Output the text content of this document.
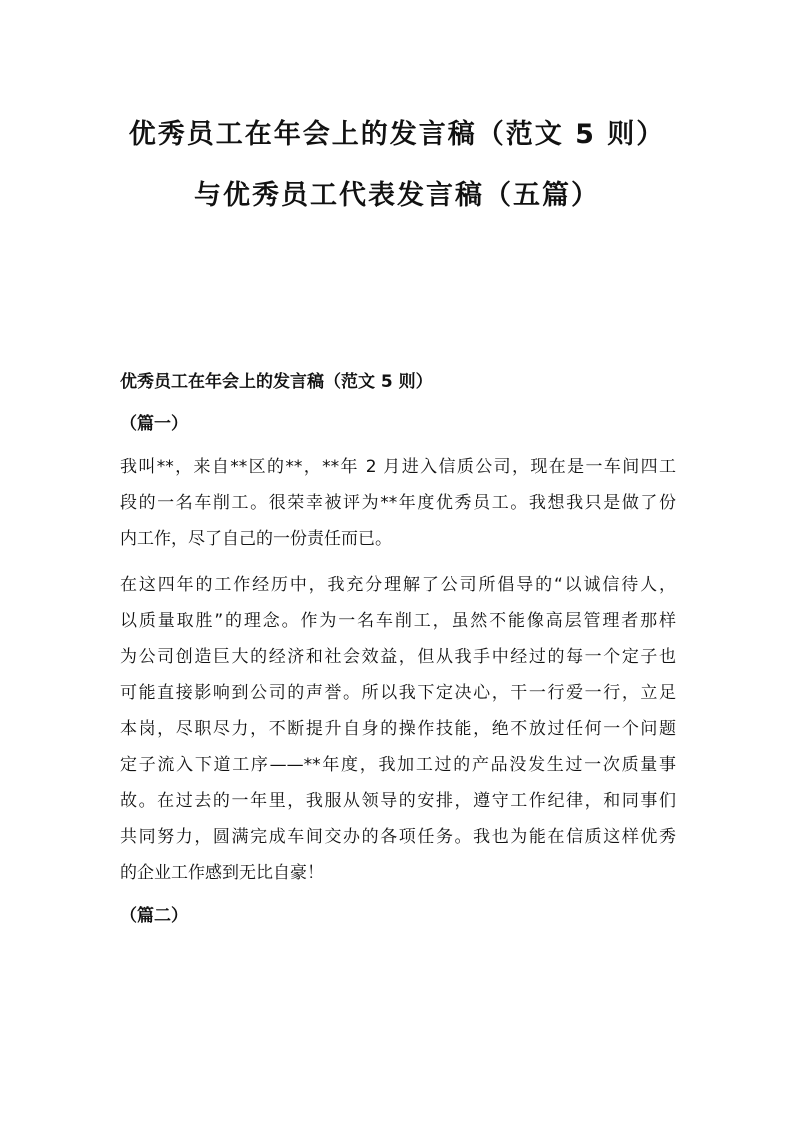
优秀员工在年会上的发言稿（范文 5 则）
与优秀员工代表发言稿（五篇）
优秀员工在年会上的发言稿（范文 5 则）
（篇一）
我叫**，来自**区的**，**年 2 月进入信质公司，现在是一车间四工
段的一名车削工。很荣幸被评为**年度优秀员工。我想我只是做了份
内工作，尽了自己的一份责任而已。
在这四年的工作经历中，我充分理解了公司所倡导的“以诚信待人，
以质量取胜”的理念。作为一名车削工，虽然不能像高层管理者那样
为公司创造巨大的经济和社会效益，但从我手中经过的每一个定子也
可能直接影响到公司的声誉。所以我下定决心，干一行爱一行，立足
本岗，尽职尽力，不断提升自身的操作技能，绝不放过任何一个问题
定子流入下道工序——**年度，我加工过的产品没发生过一次质量事
故。在过去的一年里，我服从领导的安排，遵守工作纪律，和同事们
共同努力，圆满完成车间交办的各项任务。我也为能在信质这样优秀
的企业工作感到无比自豪！
（篇二）
